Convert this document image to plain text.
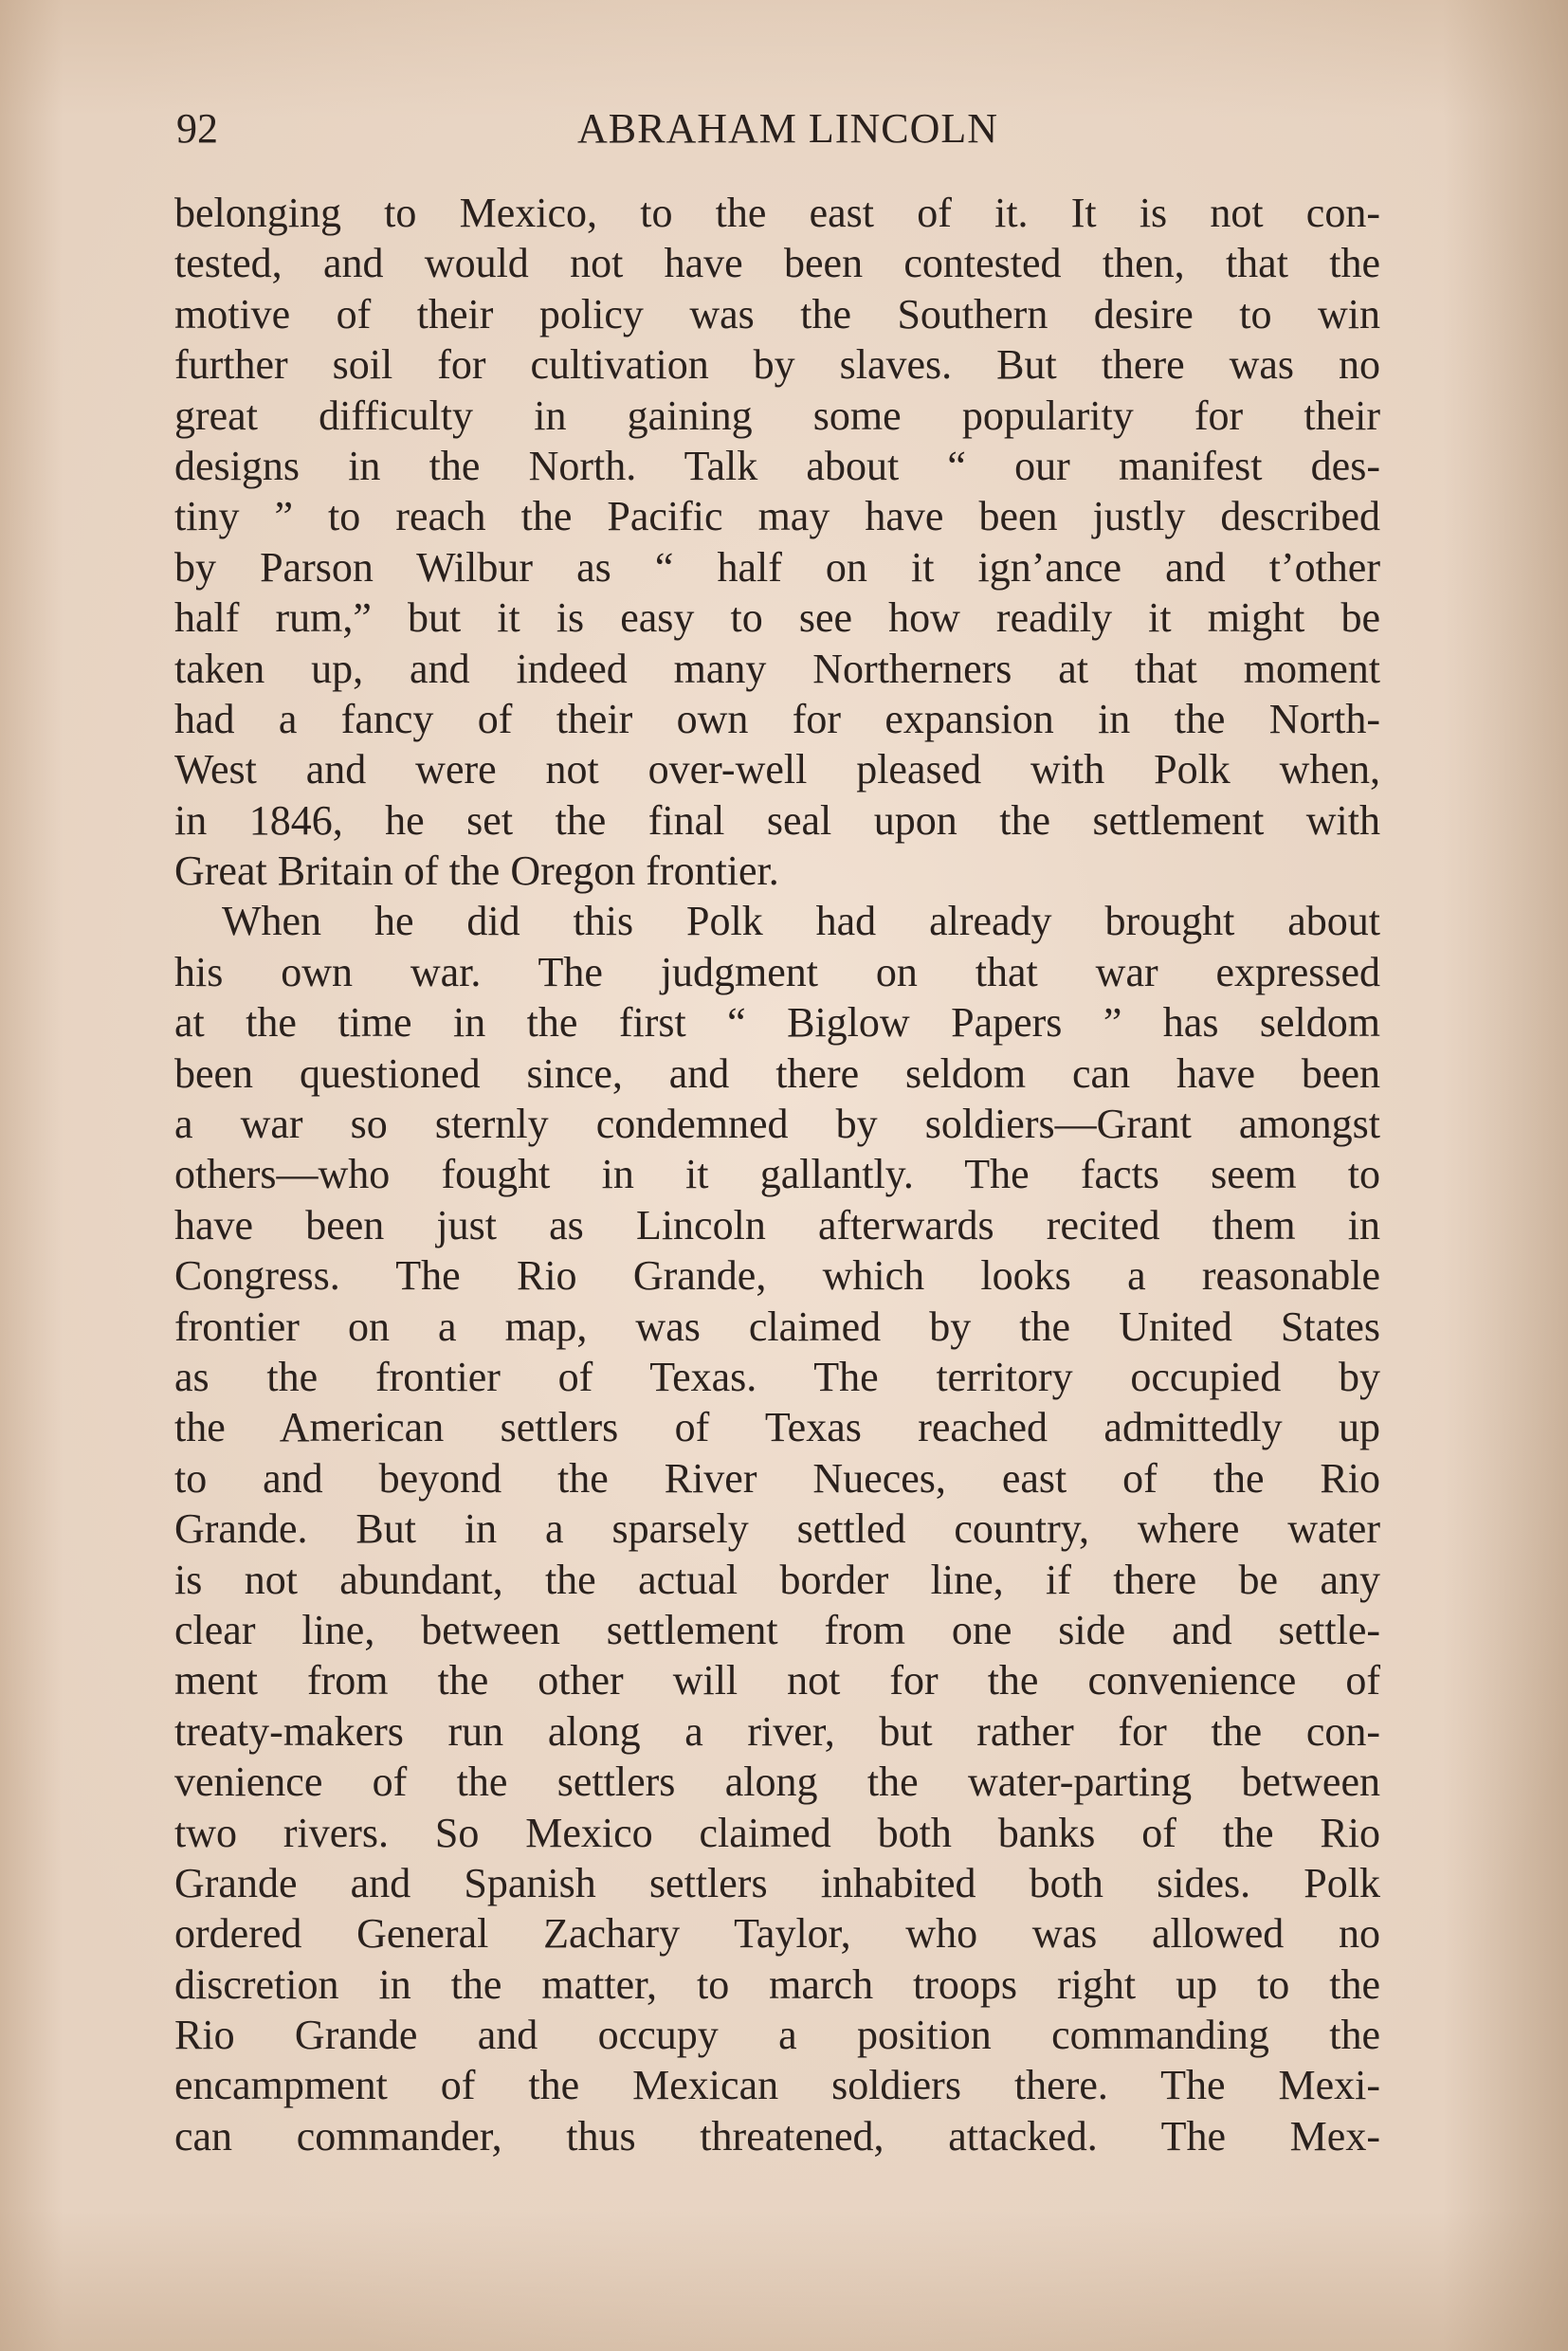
92	ABRAHAM LINCOLN
belonging to Mexico, to the east of it. It is not con-
tested, and would not have been contested then, that the
motive of their policy was the Southern desire to win
further soil for cultivation by slaves. But there was no
great difficulty in gaining some popularity for their
designs in the North. Talk about “ our manifest des-
tiny ” to reach the Pacific may have been justly described
by Parson Wilbur as “ half on it ign’ance and t’other
half rum,” but it is easy to see how readily it might be
taken up, and indeed many Northerners at that moment
had a fancy of their own for expansion in the North-
West and were not over-well pleased with Polk when,
in 1846, he set the final seal upon the settlement with
Great Britain of the Oregon frontier.
When he did this Polk had already brought about
his own war. The judgment on that war expressed
at the time in the first “ Biglow Papers ” has seldom
been questioned since, and there seldom can have been
a war so sternly condemned by soldiers—Grant amongst
others—who fought in it gallantly. The facts seem to
have been just as Lincoln afterwards recited them in
Congress. The Rio Grande, which looks a reasonable
frontier on a map, was claimed by the United States
as the frontier of Texas. The territory occupied by
the American settlers of Texas reached admittedly up
to and beyond the River Nueces, east of the Rio
Grande. But in a sparsely settled country, where water
is not abundant, the actual border line, if there be any
clear line, between settlement from one side and settle-
ment from the other will not for the convenience of
treaty-makers run along a river, but rather for the con-
venience of the settlers along the water-parting between
two rivers. So Mexico claimed both banks of the Rio
Grande and Spanish settlers inhabited both sides. Polk
ordered General Zachary Taylor, who was allowed no
discretion in the matter, to march troops right up to the
Rio Grande and occupy a position commanding the
encampment of the Mexican soldiers there. The Mexi-
can commander, thus threatened, attacked. The Mex-
